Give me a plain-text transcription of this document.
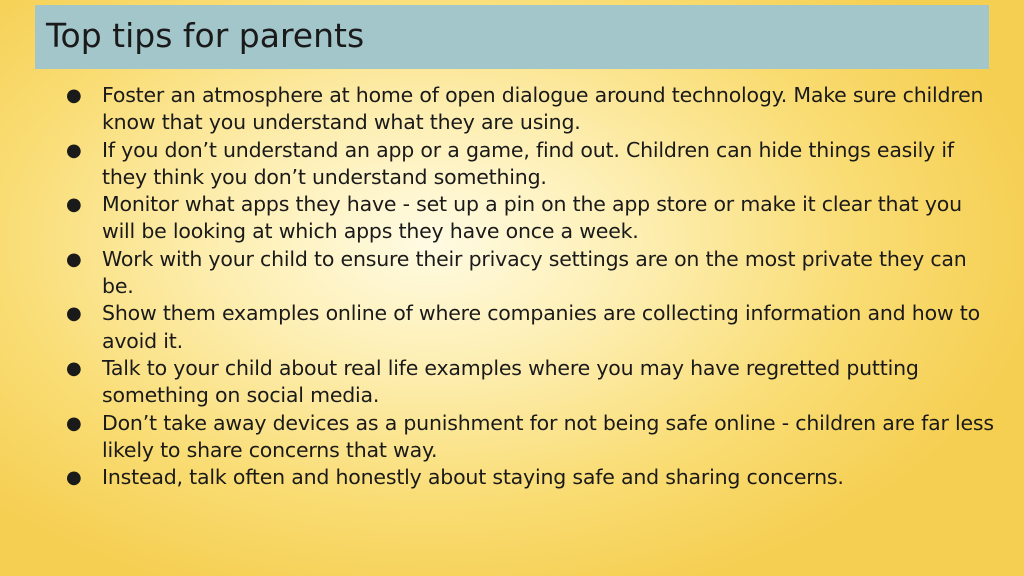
Top tips for parents
● Foster an atmosphere at home of open dialogue around technology. Make sure children know that you understand what they are using.
● If you don’t understand an app or a game, find out. Children can hide things easily if they think you don’t understand something.
● Monitor what apps they have - set up a pin on the app store or make it clear that you will be looking at which apps they have once a week.
● Work with your child to ensure their privacy settings are on the most private they can be.
● Show them examples online of where companies are collecting information and how to avoid it.
● Talk to your child about real life examples where you may have regretted putting something on social media.
● Don’t take away devices as a punishment for not being safe online - children are far less likely to share concerns that way.
● Instead, talk often and honestly about staying safe and sharing concerns.
